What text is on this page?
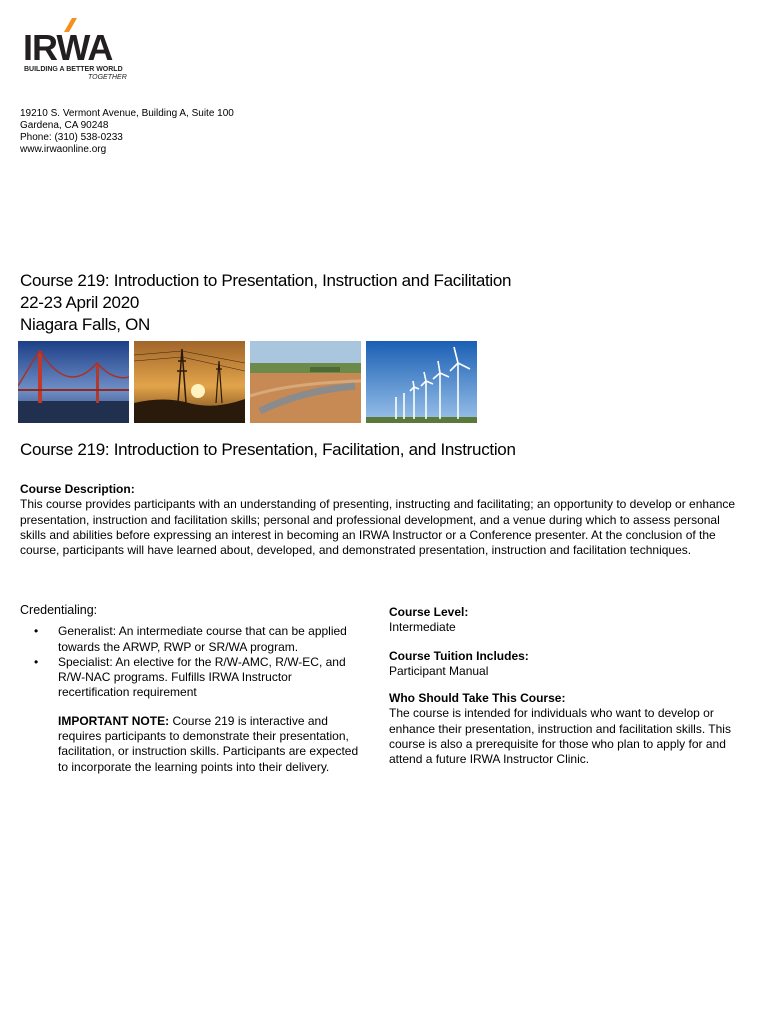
IRWA
BUILDING A BETTER WORLD
TOGETHER
19210 S. Vermont Avenue, Building A, Suite 100
Gardena, CA 90248
Phone: (310) 538-0233
www.irwaonline.org
Course 219: Introduction to Presentation, Instruction and Facilitation
22-23 April 2020
Niagara Falls, ON
Course 219: Introduction to Presentation, Facilitation, and Instruction
Course Description:
This course provides participants with an understanding of presenting, instructing and facilitating; an opportunity to develop or enhance presentation, instruction and facilitation skills; personal and professional development, and a venue during which to assess personal skills and abilities before expressing an interest in becoming an IRWA Instructor or a Conference presenter. At the conclusion of the course, participants will have learned about, developed, and demonstrated presentation, instruction and facilitation techniques.
Credentialing:
• Generalist: An intermediate course that can be applied towards the ARWP, RWP or SR/WA program.
• Specialist: An elective for the R/W-AMC, R/W-EC, and R/W-NAC programs. Fulfills IRWA Instructor recertification requirement
IMPORTANT NOTE: Course 219 is interactive and requires participants to demonstrate their presentation, facilitation, or instruction skills. Participants are expected to incorporate the learning points into their delivery.
Course Level:
Intermediate
Course Tuition Includes:
Participant Manual
Who Should Take This Course:
The course is intended for individuals who want to develop or enhance their presentation, instruction and facilitation skills. This course is also a prerequisite for those who plan to apply for and attend a future IRWA Instructor Clinic.
